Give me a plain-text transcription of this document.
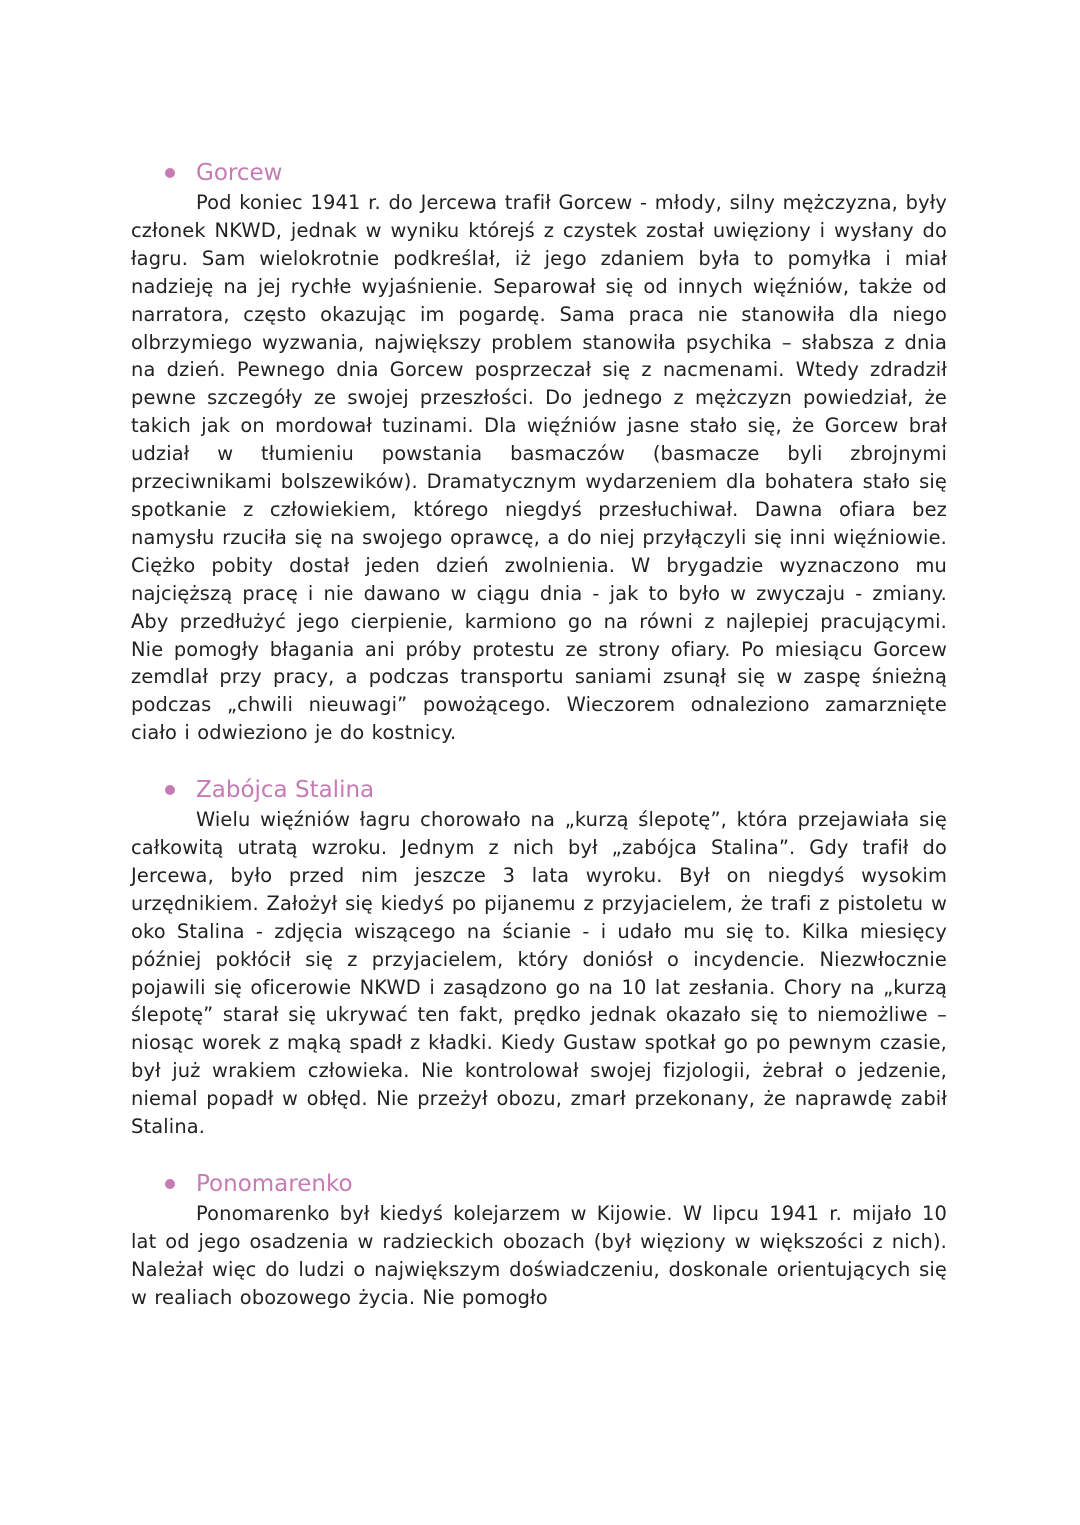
Gorcew

Pod koniec 1941 r. do Jercewa trafił Gorcew - młody, silny mężczyzna, były członek NKWD, jednak w wyniku którejś z czystek został uwięziony i wysłany do łagru. Sam wielokrotnie podkreślał, iż jego zdaniem była to pomyłka i miał nadzieję na jej rychłe wyjaśnienie. Separował się od innych więźniów, także od narratora, często okazując im pogardę. Sama praca nie stanowiła dla niego olbrzymiego wyzwania, największy problem stanowiła psychika – słabsza z dnia na dzień. Pewnego dnia Gorcew posprzeczał się z nacmenami. Wtedy zdradził pewne szczegóły ze swojej przeszłości. Do jednego z mężczyzn powiedział, że takich jak on mordował tuzinami. Dla więźniów jasne stało się, że Gorcew brał udział w tłumieniu powstania basmaczów (basmacze byli zbrojnymi przeciwnikami bolszewików). Dramatycznym wydarzeniem dla bohatera stało się spotkanie z człowiekiem, którego niegdyś przesłuchiwał. Dawna ofiara bez namysłu rzuciła się na swojego oprawcę, a do niej przyłączyli się inni więźniowie. Ciężko pobity dostał jeden dzień zwolnienia. W brygadzie wyznaczono mu najcięższą pracę i nie dawano w ciągu dnia - jak to było w zwyczaju - zmiany. Aby przedłużyć jego cierpienie, karmiono go na równi z najlepiej pracującymi. Nie pomogły błagania ani próby protestu ze strony ofiary. Po miesiącu Gorcew zemdlał przy pracy, a podczas transportu saniami zsunął się w zaspę śnieżną podczas „chwili nieuwagi” powożącego. Wieczorem odnaleziono zamarznięte ciało i odwieziono je do kostnicy.

Zabójca Stalina

Wielu więźniów łagru chorowało na „kurzą ślepotę”, która przejawiała się całkowitą utratą wzroku. Jednym z nich był „zabójca Stalina”. Gdy trafił do Jercewa, było przed nim jeszcze 3 lata wyroku. Był on niegdyś wysokim urzędnikiem. Założył się kiedyś po pijanemu z przyjacielem, że trafi z pistoletu w oko Stalina - zdjęcia wiszącego na ścianie - i udało mu się to. Kilka miesięcy później pokłócił się z przyjacielem, który doniósł o incydencie. Niezwłocznie pojawili się oficerowie NKWD i zasądzono go na 10 lat zesłania. Chory na „kurzą ślepotę” starał się ukrywać ten fakt, prędko jednak okazało się to niemożliwe – niosąc worek z mąką spadł z kładki. Kiedy Gustaw spotkał go po pewnym czasie, był już wrakiem człowieka. Nie kontrolował swojej fizjologii, żebrał o jedzenie, niemal popadł w obłęd. Nie przeżył obozu, zmarł przekonany, że naprawdę zabił Stalina.

Ponomarenko

Ponomarenko był kiedyś kolejarzem w Kijowie. W lipcu 1941 r. mijało 10 lat od jego osadzenia w radzieckich obozach (był więziony w większości z nich). Należał więc do ludzi o największym doświadczeniu, doskonale orientujących się w realiach obozowego życia. Nie pomogło
